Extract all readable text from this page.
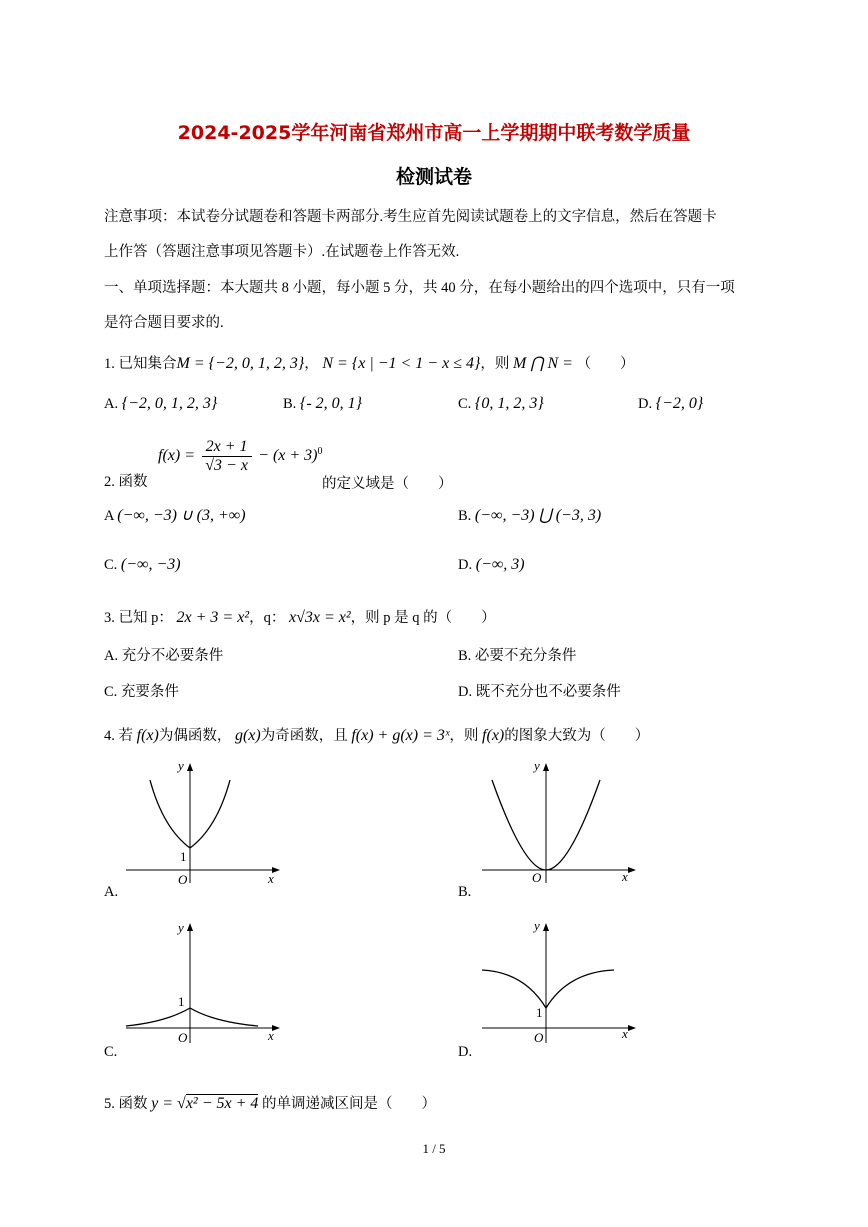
2024-2025学年河南省郑州市高一上学期期中联考数学质量
检测试卷
注意事项：本试卷分试题卷和答题卡两部分.考生应首先阅读试题卷上的文字信息，然后在答题卡
上作答（答题注意事项见答题卡）.在试题卷上作答无效.
一、单项选择题：本大题共 8 小题，每小题 5 分，共 40 分，在每小题给出的四个选项中，只有一项
是符合题目要求的.
1. 已知集合M = {−2, 0, 1, 2, 3}， N = {x | −1 < 1 − x ≤ 4}，则 M ⋂ N = （　　）
A. {−2, 0, 1, 2, 3}	B. {- 2, 0, 1}	C. {0, 1, 2, 3}	D. {−2, 0}
2. 函数
$f(x) = \frac{2x + 1}{√3 - x} - (x + 3)^0$
的定义域是（　　）
A (−∞, −3) ∪ (3, +∞)	B. (−∞, −3) ⋃ (−3, 3)
C. (−∞, −3)	D. (−∞, 3)
3. 已知 p： 2x + 3 = x²，q： x√3x = x²，则 p 是 q 的（　　）
A. 充分不必要条件	B. 必要不充分条件
C. 充要条件	D. 既不充分也不必要条件
4. 若 f(x)为偶函数， g(x)为奇函数，且 f(x) + g(x) = 3ˣ，则 f(x)的图象大致为（　　）
y
x
O
1
A.
y
x
O
B.
y
x
O
1
C.
y
x
O
1
D.
5. 函数 y = √x² − 5x + 4 的单调递减区间是（　　）
1 / 5
